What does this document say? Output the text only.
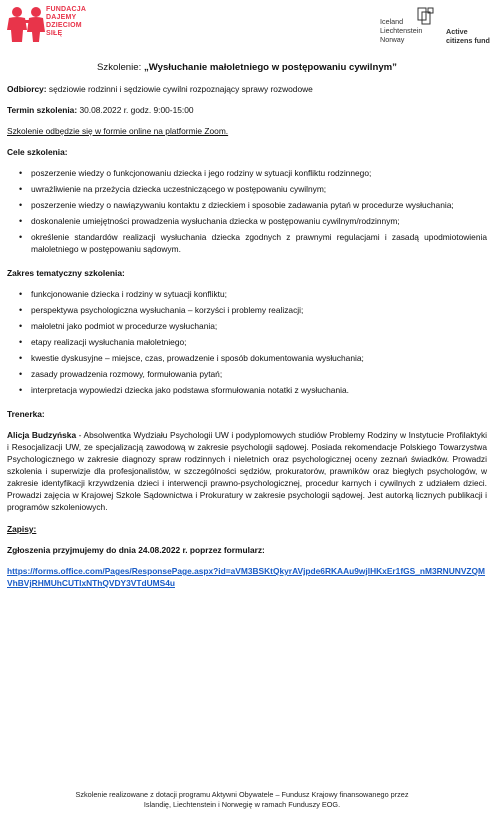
FUNDACJA
DAJEMY
DZIECIOM
SIŁĘ
Iceland
Liechtenstein
Norway
Active
citizens fund
Szkolenie: „Wysłuchanie małoletniego w postępowaniu cywilnym”

Odbiorcy: sędziowie rodzinni i sędziowie cywilni rozpoznający sprawy rozwodowe

Termin szkolenia: 30.08.2022 r. godz. 9:00-15:00

Szkolenie odbędzie się w formie online na platformie Zoom.

Cele szkolenia:
• poszerzenie wiedzy o funkcjonowaniu dziecka i jego rodziny w sytuacji konfliktu rodzinnego;
• uwrażliwienie na przeżycia dziecka uczestniczącego w postępowaniu cywilnym;
• poszerzenie wiedzy o nawiązywaniu kontaktu z dzieckiem i sposobie zadawania pytań w procedurze wysłuchania;
• doskonalenie umiejętności prowadzenia wysłuchania dziecka w postępowaniu cywilnym/rodzinnym;
• określenie standardów realizacji wysłuchania dziecka zgodnych z prawnymi regulacjami i zasadą upodmiotowienia małoletniego w postępowaniu sądowym.
Zakres tematyczny szkolenia:
• funkcjonowanie dziecka i rodziny w sytuacji konfliktu;
• perspektywa psychologiczna wysłuchania – korzyści i problemy realizacji;
• małoletni jako podmiot w procedurze wysłuchania;
• etapy realizacji wysłuchania małoletniego;
• kwestie dyskusyjne – miejsce, czas, prowadzenie i sposób dokumentowania wysłuchania;
• zasady prowadzenia rozmowy, formułowania pytań;
• interpretacja wypowiedzi dziecka jako podstawa sformułowania notatki z wysłuchania.
Trenerka:
Alicja Budzyńska - Absolwentka Wydziału Psychologii UW i podyplomowych studiów Problemy Rodziny w Instytucie Profilaktyki i Resocjalizacji UW, ze specjalizacją zawodową w zakresie psychologii sądowej. Posiada rekomendacje Polskiego Towarzystwa Psychologicznego w zakresie diagnozy spraw rodzinnych i nieletnich oraz psychologicznej oceny zeznań świadków. Prowadzi szkolenia i superwizje dla profesjonalistów, w szczególności sędziów, prokuratorów, prawników oraz biegłych psychologów, w zakresie identyfikacji krzywdzenia dzieci i interwencji prawno-psychologicznej, procedur karnych i cywilnych z udziałem dzieci. Prowadzi zajęcia w Krajowej Szkole Sądownictwa i Prokuratury w zakresie psychologii sądowej. Jest autorką licznych publikacji i programów szkoleniowych.
Zapisy:
Zgłoszenia przyjmujemy do dnia 24.08.2022 r. poprzez formularz:
https://forms.office.com/Pages/ResponsePage.aspx?id=aVM3BSKtQkyrAVjpde6RKAAu9wjlHKxEr1fGS_nM3RNUNVZQMVhBVjRHMUhCUTIxNThQVDY3VTdUMS4u
Szkolenie realizowane z dotacji programu Aktywni Obywatele – Fundusz Krajowy finansowanego przez
Islandię, Liechtenstein i Norwegię w ramach Funduszy EOG.
